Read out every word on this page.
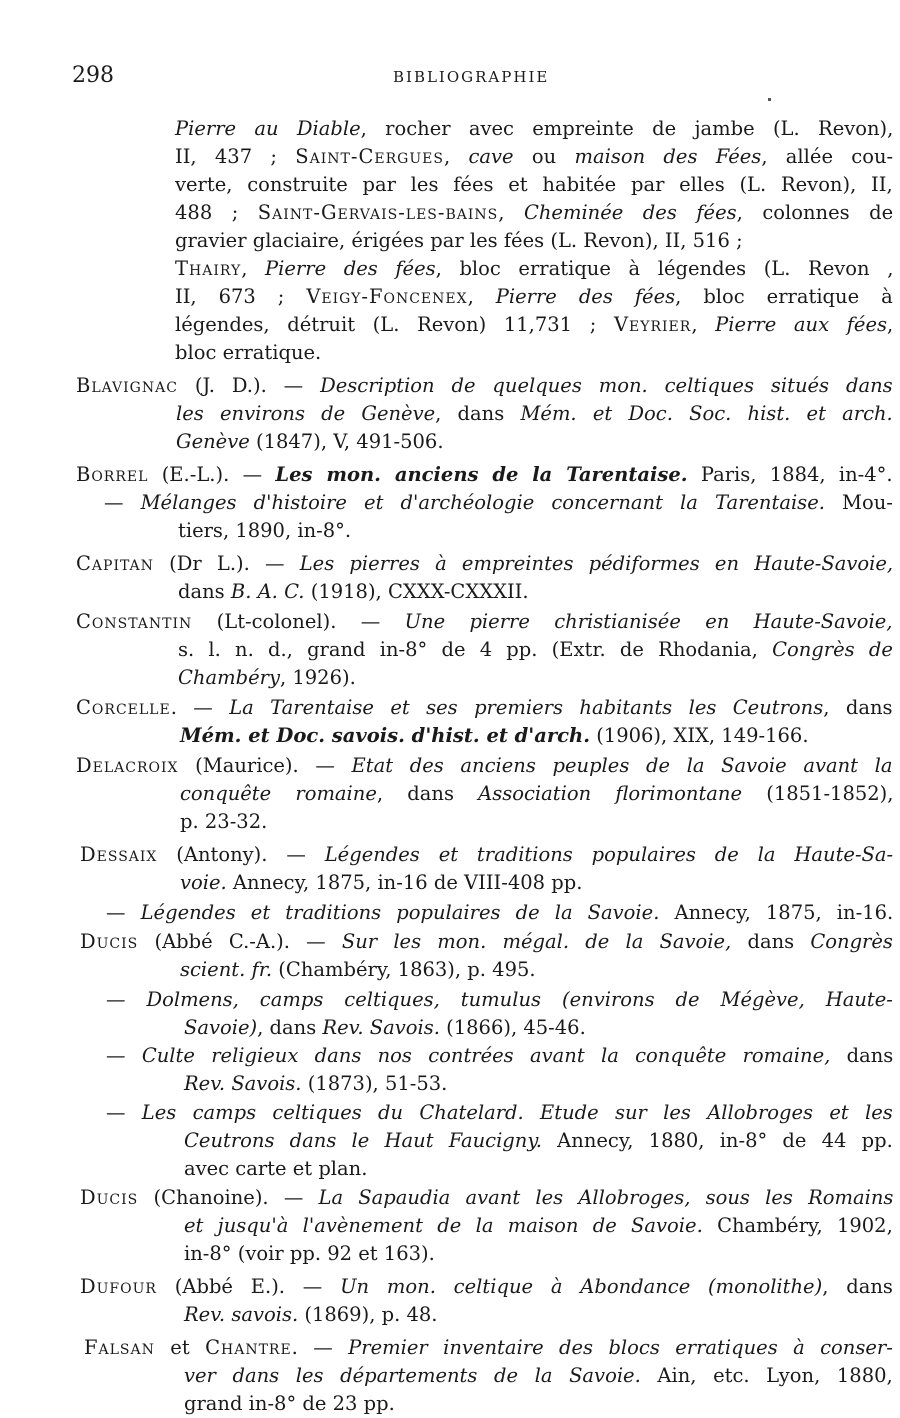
298	BIBLIOGRAPHIE
Pierre au Diable, rocher avec empreinte de jambe (L. Revon),
II, 437 ; Saint-Cergues, cave ou maison des Fées, allée cou-
verte, construite par les fées et habitée par elles (L. Revon), II,
488 ; Saint-Gervais-les-bains, Cheminée des fées, colonnes de
gravier glaciaire, érigées par les fées (L. Revon), II, 516 ;
Thairy, Pierre des fées, bloc erratique à légendes (L. Revon ,
II, 673 ; Veigy-Foncenex, Pierre des fées, bloc erratique à
légendes, détruit (L. Revon) 11,731 ; Veyrier, Pierre aux fées,
bloc erratique.
Blavignac (J. D.). — Description de quelques mon. celtiques situés dans
les environs de Genève, dans Mém. et Doc. Soc. hist. et arch.
Genève (1847), V, 491-506.
Borrel (E.-L.). — Les mon. anciens de la Tarentaise. Paris, 1884, in-4°.
— Mélanges d'histoire et d'archéologie concernant la Tarentaise. Mou-
tiers, 1890, in-8°.
Capitan (Dr L.). — Les pierres à empreintes pédiformes en Haute-Savoie,
dans B. A. C. (1918), CXXX-CXXXII.
Constantin (Lt-colonel). — Une pierre christianisée en Haute-Savoie,
s. l. n. d., grand in-8° de 4 pp. (Extr. de Rhodania, Congrès de
Chambéry, 1926).
Corcelle. — La Tarentaise et ses premiers habitants les Ceutrons, dans
Mém. et Doc. savois. d'hist. et d'arch. (1906), XIX, 149-166.
Delacroix (Maurice). — Etat des anciens peuples de la Savoie avant la
conquête romaine, dans Association florimontane (1851-1852),
p. 23-32.
Dessaix (Antony). — Légendes et traditions populaires de la Haute-Sa-
voie. Annecy, 1875, in-16 de VIII-408 pp.
— Légendes et traditions populaires de la Savoie. Annecy, 1875, in-16.
Ducis (Abbé C.-A.). — Sur les mon. mégal. de la Savoie, dans Congrès
scient. fr. (Chambéry, 1863), p. 495.
— Dolmens, camps celtiques, tumulus (environs de Mégève, Haute-
Savoie), dans Rev. Savois. (1866), 45-46.
— Culte religieux dans nos contrées avant la conquête romaine, dans
Rev. Savois. (1873), 51-53.
— Les camps celtiques du Chatelard. Etude sur les Allobroges et les
Ceutrons dans le Haut Faucigny. Annecy, 1880, in-8° de 44 pp.
avec carte et plan.
Ducis (Chanoine). — La Sapaudia avant les Allobroges, sous les Romains
et jusqu'à l'avènement de la maison de Savoie. Chambéry, 1902,
in-8° (voir pp. 92 et 163).
Dufour (Abbé E.). — Un mon. celtique à Abondance (monolithe), dans
Rev. savois. (1869), p. 48.
Falsan et Chantre. — Premier inventaire des blocs erratiques à conser-
ver dans les départements de la Savoie. Ain, etc. Lyon, 1880,
grand in-8° de 23 pp.
